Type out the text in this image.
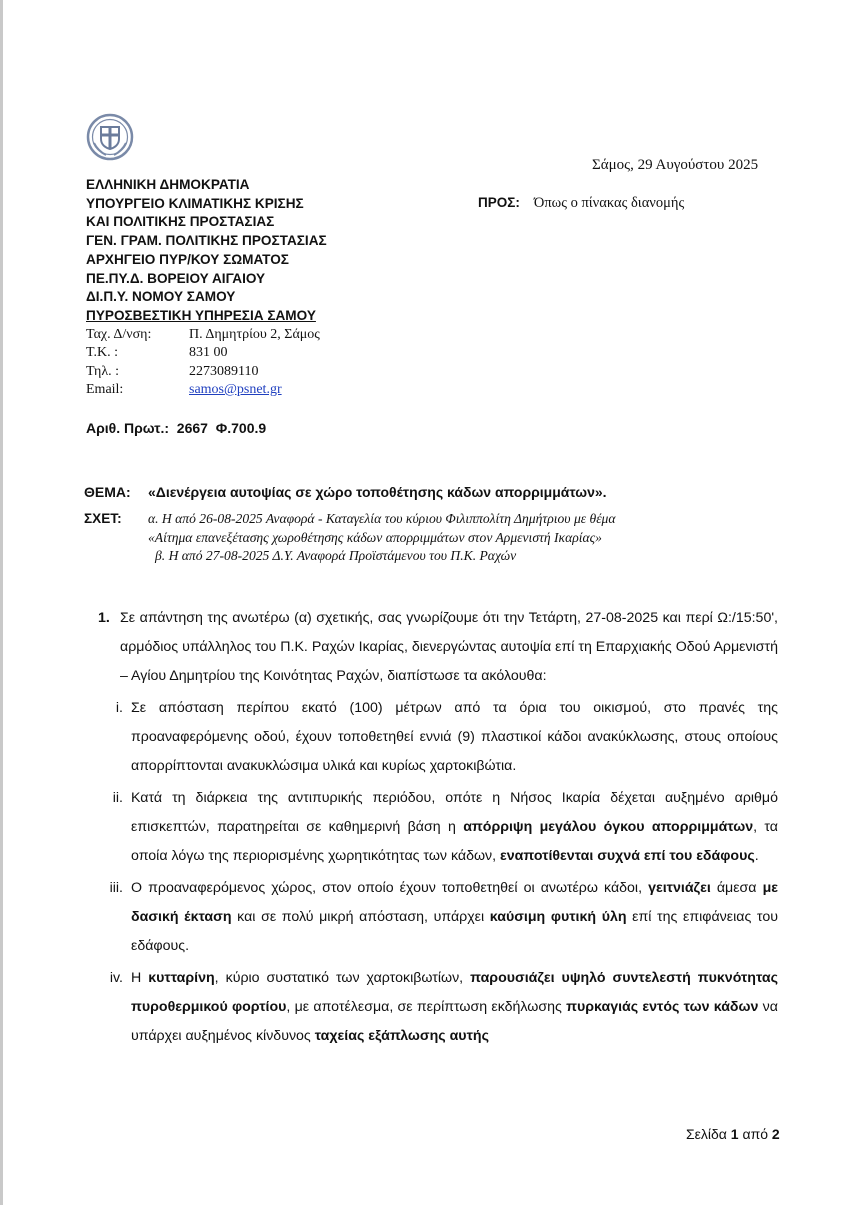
Σάμος, 29 Αυγούστου 2025
ΕΛΛΗΝΙΚΗ ΔΗΜΟΚΡΑΤΙΑ
ΥΠΟΥΡΓΕΙΟ ΚΛΙΜΑΤΙΚΗΣ ΚΡΙΣΗΣ
ΚΑΙ ΠΟΛΙΤΙΚΗΣ ΠΡΟΣΤΑΣΙΑΣ
ΓΕΝ. ΓΡΑΜ. ΠΟΛΙΤΙΚΗΣ ΠΡΟΣΤΑΣΙΑΣ
ΑΡΧΗΓΕΙΟ ΠΥΡ/ΚΟΥ ΣΩΜΑΤΟΣ
ΠΕ.ΠΥ.Δ. ΒΟΡΕΙΟΥ ΑΙΓΑΙΟΥ
ΔΙ.Π.Υ. ΝΟΜΟΥ ΣΑΜΟΥ
ΠΥΡΟΣΒΕΣΤΙΚΗ ΥΠΗΡΕΣΙΑ ΣΑΜΟΥ
ΠΡΟΣ: Όπως ο πίνακας διανομής
Ταχ. Δ/νση:	Π. Δημητρίου 2, Σάμος
Τ.Κ. :	831 00
Τηλ. :	2273089110
Email:	samos@psnet.gr
Αριθ. Πρωτ.: 2667 Φ.700.9
ΘΕΜΑ: «Διενέργεια αυτοψίας σε χώρο τοποθέτησης κάδων απορριμμάτων».
ΣΧΕΤ: α. Η από 26-08-2025 Αναφορά - Καταγελία του κύριου Φιλιππολίτη Δημήτριου με θέμα
«Αίτημα επανεξέτασης χωροθέτησης κάδων απορριμμάτων στον Αρμενιστή Ικαρίας»
β. Η από 27-08-2025 Δ.Υ. Αναφορά Προϊστάμενου του Π.Κ. Ραχών
1. Σε απάντηση της ανωτέρω (α) σχετικής, σας γνωρίζουμε ότι την Τετάρτη, 27-08-2025 και περί Ω:/15:50', αρμόδιος υπάλληλος του Π.Κ. Ραχών Ικαρίας, διενεργώντας αυτοψία επί τη Επαρχιακής Οδού Αρμενιστή – Αγίου Δημητρίου της Κοινότητας Ραχών, διαπίστωσε τα ακόλουθα:
i. Σε απόσταση περίπου εκατό (100) μέτρων από τα όρια του οικισμού, στο πρανές της προαναφερόμενης οδού, έχουν τοποθετηθεί εννιά (9) πλαστικοί κάδοι ανακύκλωσης, στους οποίους απορρίπτονται ανακυκλώσιμα υλικά και κυρίως χαρτοκιβώτια.
ii. Κατά τη διάρκεια της αντιπυρικής περιόδου, οπότε η Νήσος Ικαρία δέχεται αυξημένο αριθμό επισκεπτών, παρατηρείται σε καθημερινή βάση η απόρριψη μεγάλου όγκου απορριμμάτων, τα οποία λόγω της περιορισμένης χωρητικότητας των κάδων, εναποτίθενται συχνά επί του εδάφους.
iii. Ο προαναφερόμενος χώρος, στον οποίο έχουν τοποθετηθεί οι ανωτέρω κάδοι, γειτνιάζει άμεσα με δασική έκταση και σε πολύ μικρή απόσταση, υπάρχει καύσιμη φυτική ύλη επί της επιφάνειας του εδάφους.
iv. Η κυτταρίνη, κύριο συστατικό των χαρτοκιβωτίων, παρουσιάζει υψηλό συντελεστή πυκνότητας πυροθερμικού φορτίου, με αποτέλεσμα, σε περίπτωση εκδήλωσης πυρκαγιάς εντός των κάδων να υπάρχει αυξημένος κίνδυνος ταχείας εξάπλωσης αυτής
Σελίδα 1 από 2
